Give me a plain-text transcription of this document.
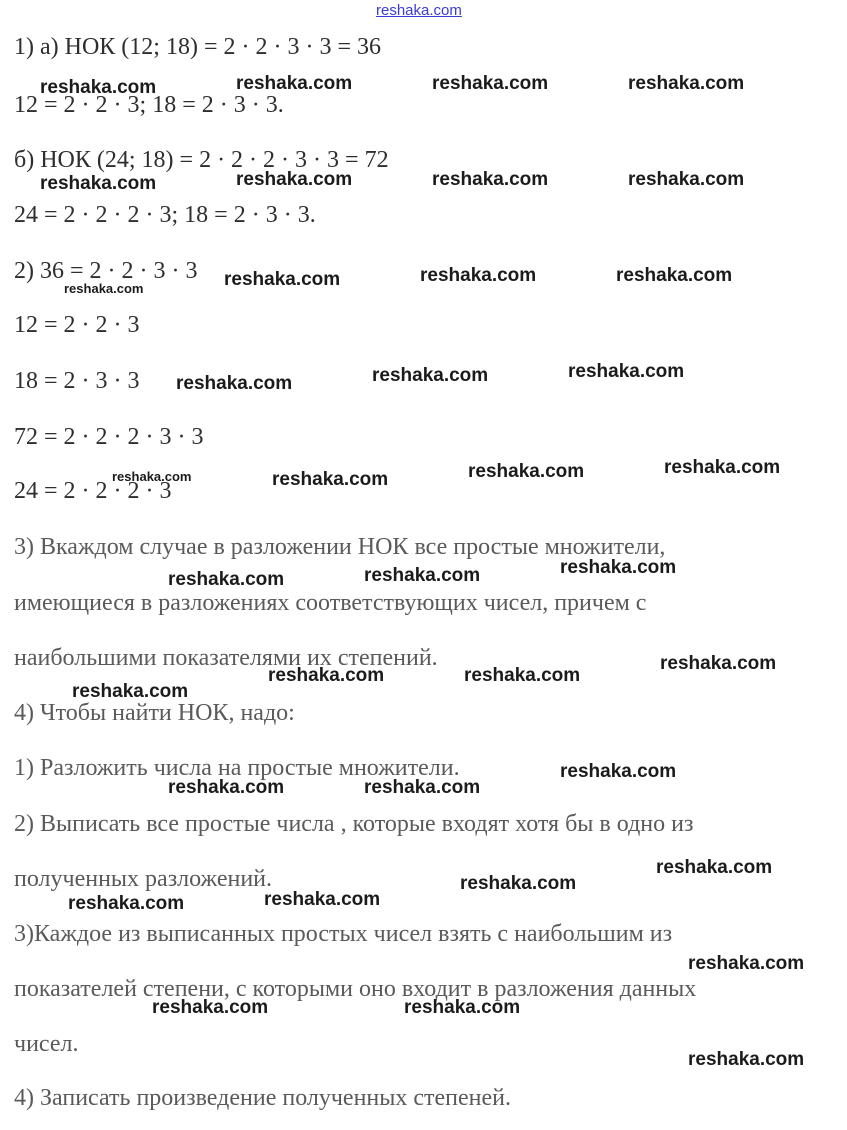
reshaka.com
1) а) НОК (12; 18) = 2 · 2 · 3 · 3 = 36
12 = 2 · 2 · 3; 18 = 2 · 3 · 3.
б) НОК (24; 18) = 2 · 2 · 2 · 3 · 3 = 72
24 = 2 · 2 · 2 · 3; 18 = 2 · 3 · 3.
2) 36 = 2 · 2 · 3 · 3
12 = 2 · 2 · 3
18 = 2 · 3 · 3
72 = 2 · 2 · 2 · 3 · 3
24 = 2 · 2 · 2 · 3
3) Вкаждом случае в разложении НОК все простые множители,
имеющиеся в разложениях соответствующих чисел, причем с
наибольшими показателями их степений.
4) Чтобы найти НОК, надо:
1) Разложить числа на простые множители.
2) Выписать все простые числа , которые входят хотя бы в одно из
полученных разложений.
3)Каждое из выписанных простых чисел взять с наибольшим из
показателей степени, с которыми оно входит в разложения данных
чисел.
4) Записать произведение полученных степеней.
reshaka.com	reshaka.com	reshaka.com	reshaka.com
reshaka.com	reshaka.com	reshaka.com	reshaka.com
reshaka.com	reshaka.com	reshaka.com	reshaka.com
reshaka.com	reshaka.com	reshaka.com
reshaka.com	reshaka.com	reshaka.com	reshaka.com
reshaka.com	reshaka.com	reshaka.com
reshaka.com
reshaka.com	reshaka.com
reshaka.com
reshaka.com	reshaka.com
reshaka.com
reshaka.com
reshaka.com
reshaka.com
reshaka.com
reshaka.com
reshaka.com	reshaka.com
reshaka.com
